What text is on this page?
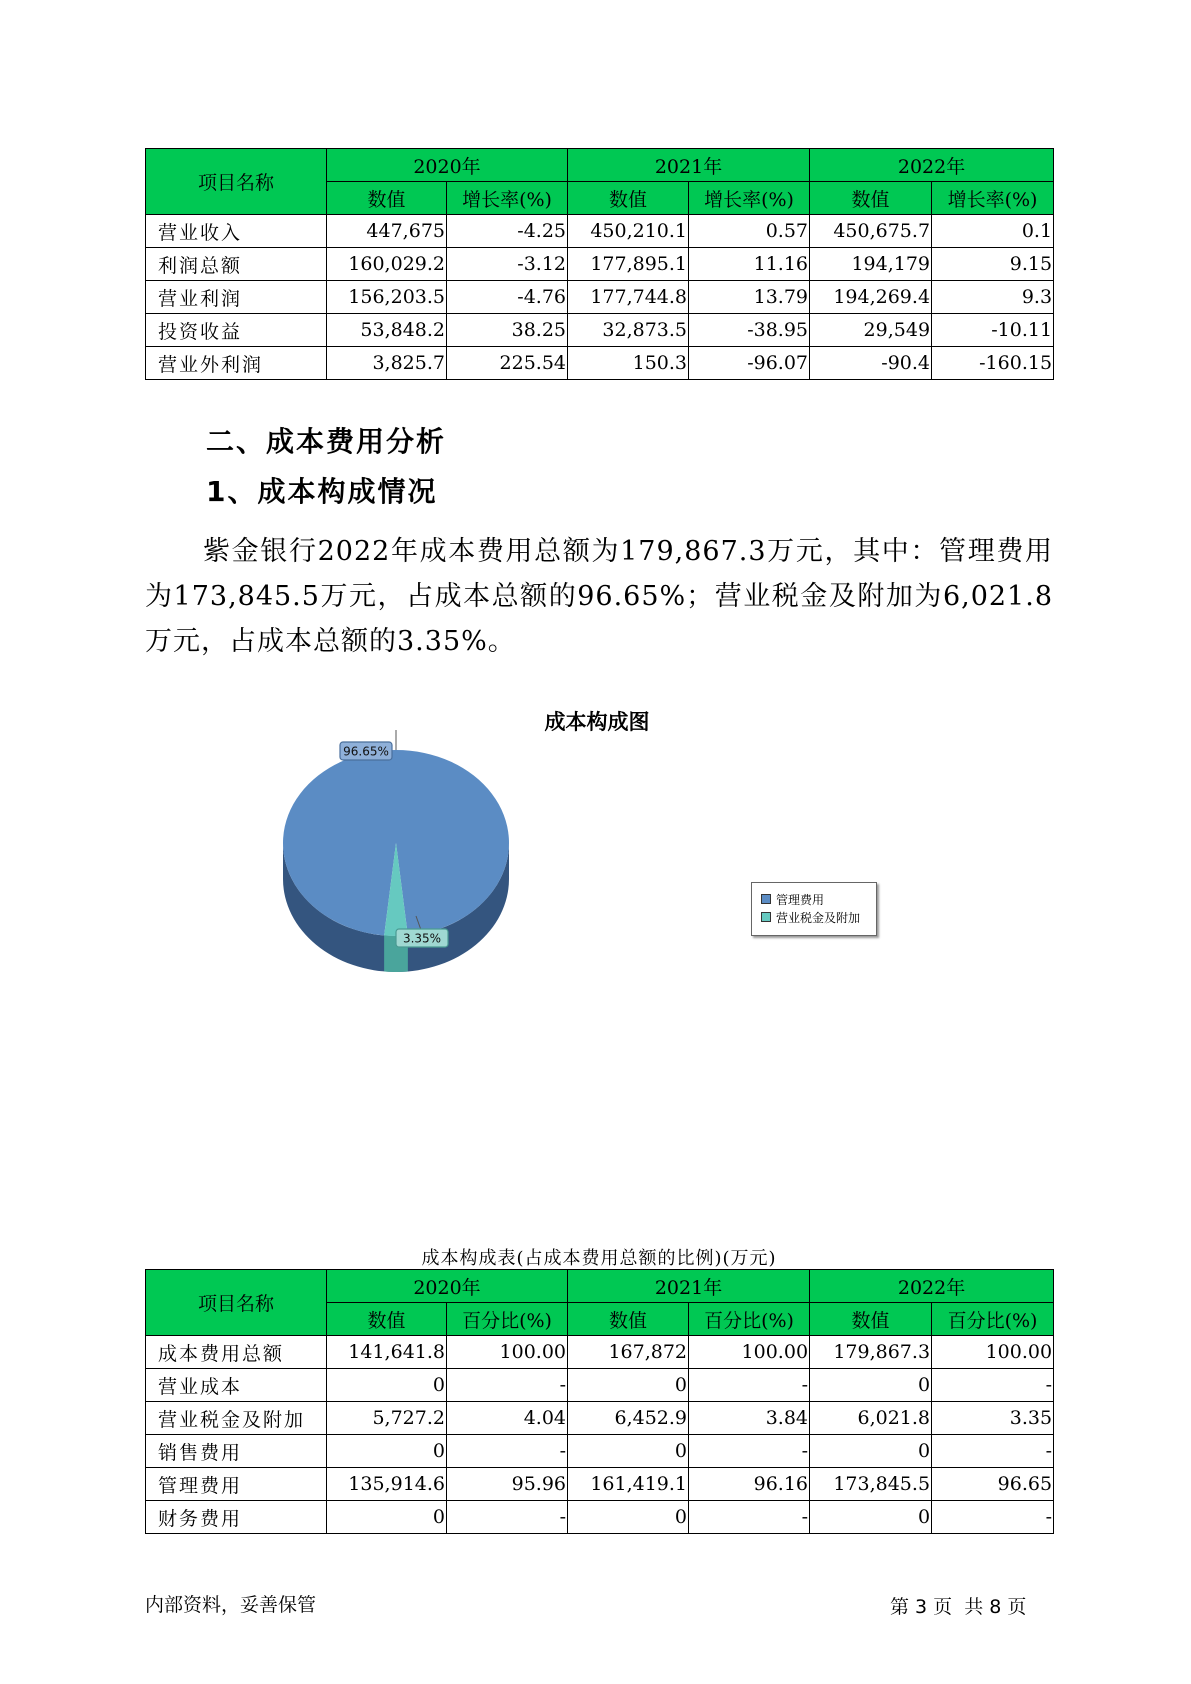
项目名称	2020年		2021年		2022年	
	数值	增长率(%)	数值	增长率(%)	数值	增长率(%)
营业收入	447,675	-4.25	450,210.1	0.57	450,675.7	0.1
利润总额	160,029.2	-3.12	177,895.1	11.16	194,179	9.15
营业利润	156,203.5	-4.76	177,744.8	13.79	194,269.4	9.3
投资收益	53,848.2	38.25	32,873.5	-38.95	29,549	-10.11
营业外利润	3,825.7	225.54	150.3	-96.07	-90.4	-160.15
二、成本费用分析
1、成本构成情况
紫金银行2022年成本费用总额为179,867.3万元，其中：管理费用为173,845.5万元，占成本总额的96.65%；营业税金及附加为6,021.8万元，占成本总额的3.35%。
成本构成图
96.65%
3.35%
管理费用
营业税金及附加
成本构成表(占成本费用总额的比例)(万元)
项目名称	2020年		2021年		2022年	
	数值	百分比(%)	数值	百分比(%)	数值	百分比(%)
成本费用总额	141,641.8	100.00	167,872	100.00	179,867.3	100.00
营业成本	0	-	0	-	0	-
营业税金及附加	5,727.2	4.04	6,452.9	3.84	6,021.8	3.35
销售费用	0	-	0	-	0	-
管理费用	135,914.6	95.96	161,419.1	96.16	173,845.5	96.65
财务费用	0	-	0	-	0	-
内部资料，妥善保管	第 3 页  共 8 页
